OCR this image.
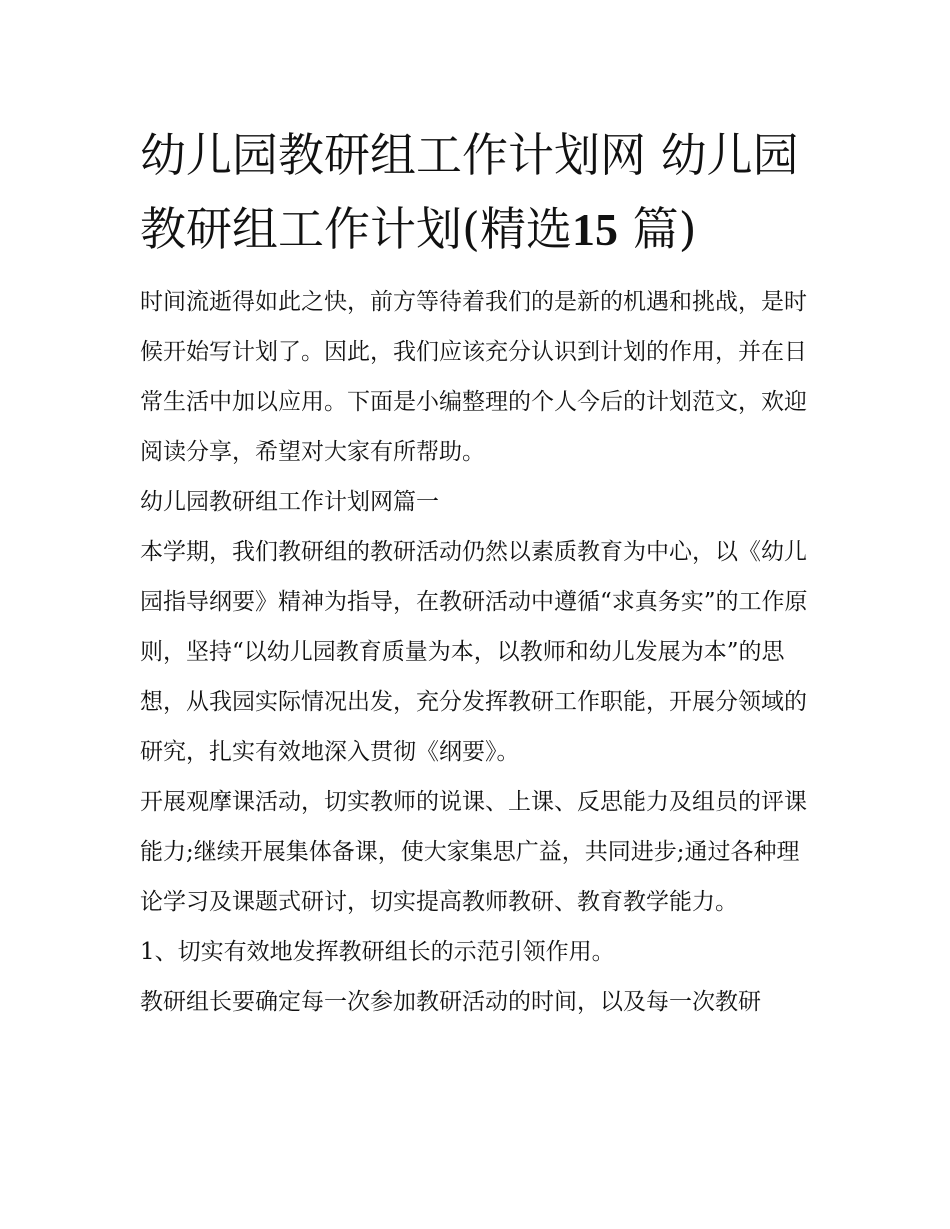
幼儿园教研组工作计划网 幼儿园教研组工作计划(精选15 篇)

时间流逝得如此之快，前方等待着我们的是新的机遇和挑战，是时候开始写计划了。因此，我们应该充分认识到计划的作用，并在日常生活中加以应用。下面是小编整理的个人今后的计划范文，欢迎阅读分享，希望对大家有所帮助。

幼儿园教研组工作计划网篇一

本学期，我们教研组的教研活动仍然以素质教育为中心，以《幼儿园指导纲要》精神为指导，在教研活动中遵循“求真务实”的工作原则，坚持“以幼儿园教育质量为本，以教师和幼儿发展为本”的思想，从我园实际情况出发，充分发挥教研工作职能，开展分领域的研究，扎实有效地深入贯彻《纲要》。

开展观摩课活动，切实教师的说课、上课、反思能力及组员的评课能力;继续开展集体备课，使大家集思广益，共同进步;通过各种理论学习及课题式研讨，切实提高教师教研、教育教学能力。

1、切实有效地发挥教研组长的示范引领作用。

教研组长要确定每一次参加教研活动的时间，以及每一次教研
